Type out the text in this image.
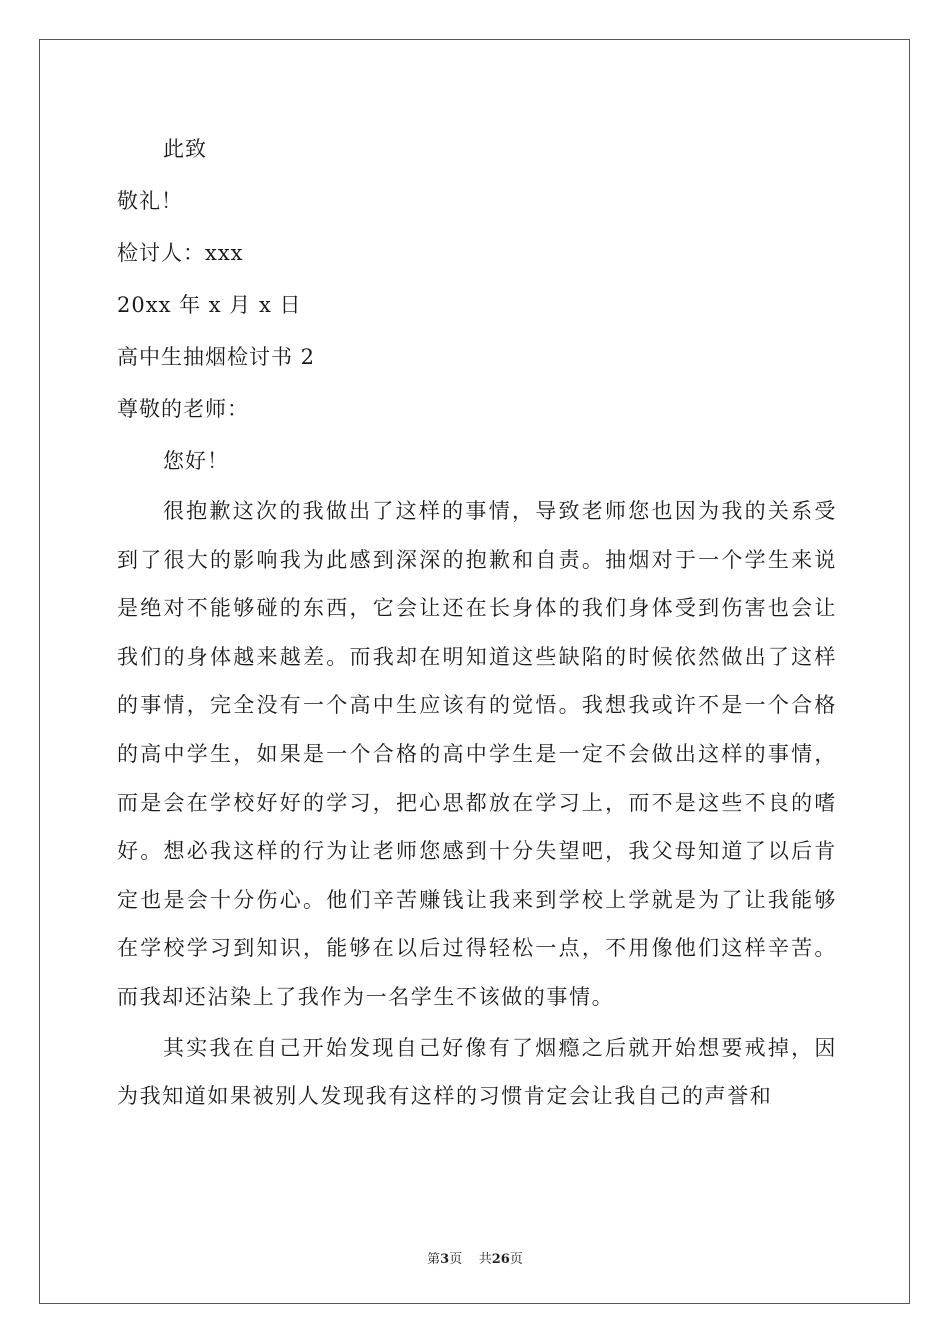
此致
敬礼！
检讨人：xxx
20xx 年 x 月 x 日
高中生抽烟检讨书 2
尊敬的老师：
您好！

很抱歉这次的我做出了这样的事情，导致老师您也因为我的关系受到了很大的影响我为此感到深深的抱歉和自责。抽烟对于一个学生来说是绝对不能够碰的东西，它会让还在长身体的我们身体受到伤害也会让我们的身体越来越差。而我却在明知道这些缺陷的时候依然做出了这样的事情，完全没有一个高中生应该有的觉悟。我想我或许不是一个合格的高中学生，如果是一个合格的高中学生是一定不会做出这样的事情，而是会在学校好好的学习，把心思都放在学习上，而不是这些不良的嗜好。想必我这样的行为让老师您感到十分失望吧，我父母知道了以后肯定也是会十分伤心。他们辛苦赚钱让我来到学校上学就是为了让我能够在学校学习到知识，能够在以后过得轻松一点，不用像他们这样辛苦。而我却还沾染上了我作为一名学生不该做的事情。

其实我在自己开始发现自己好像有了烟瘾之后就开始想要戒掉，因为我知道如果被别人发现我有这样的习惯肯定会让我自己的声誉和

第3页 共26页
